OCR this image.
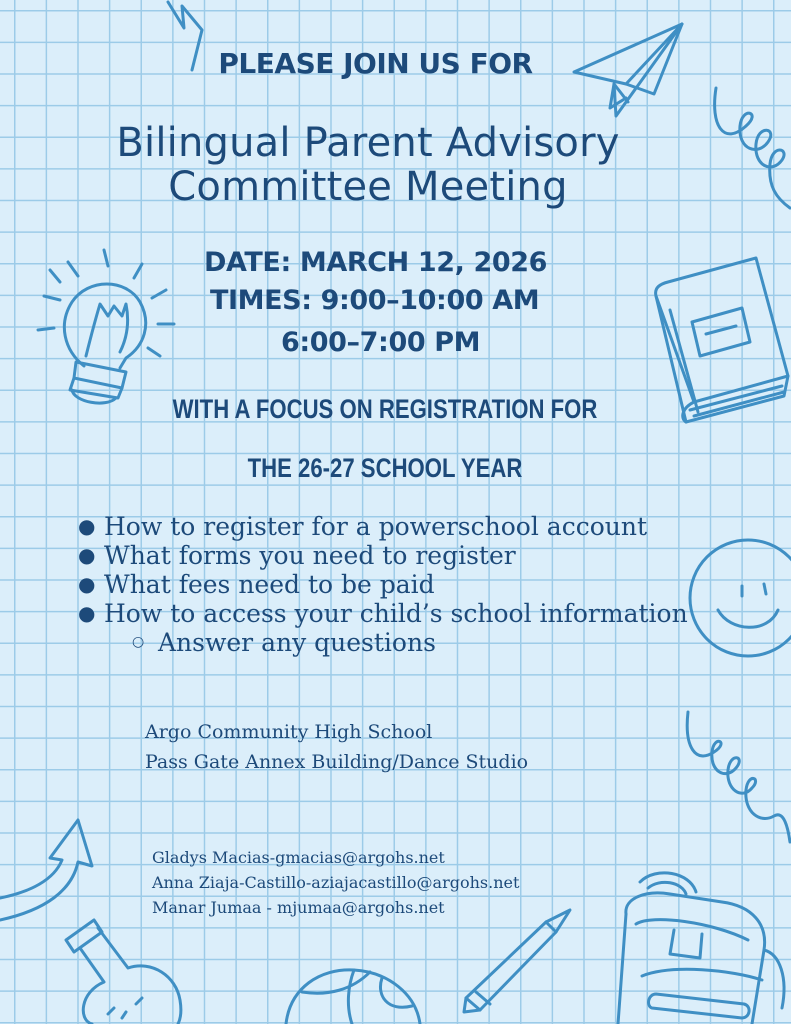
PLEASE JOIN US FOR
Bilingual Parent Advisory
Committee Meeting
DATE: MARCH 12, 2026
TIMES: 9:00–10:00 AM
6:00–7:00 PM
WITH A FOCUS ON REGISTRATION FOR
THE 26-27 SCHOOL YEAR
● How to register for a powerschool account
● What forms you need to register
● What fees need to be paid
● How to access your child’s school information
○ Answer any questions
Argo Community High School
Pass Gate Annex Building/Dance Studio
Gladys Macias-gmacias@argohs.net
Anna Ziaja-Castillo-aziajacastillo@argohs.net
Manar Jumaa - mjumaa@argohs.net
